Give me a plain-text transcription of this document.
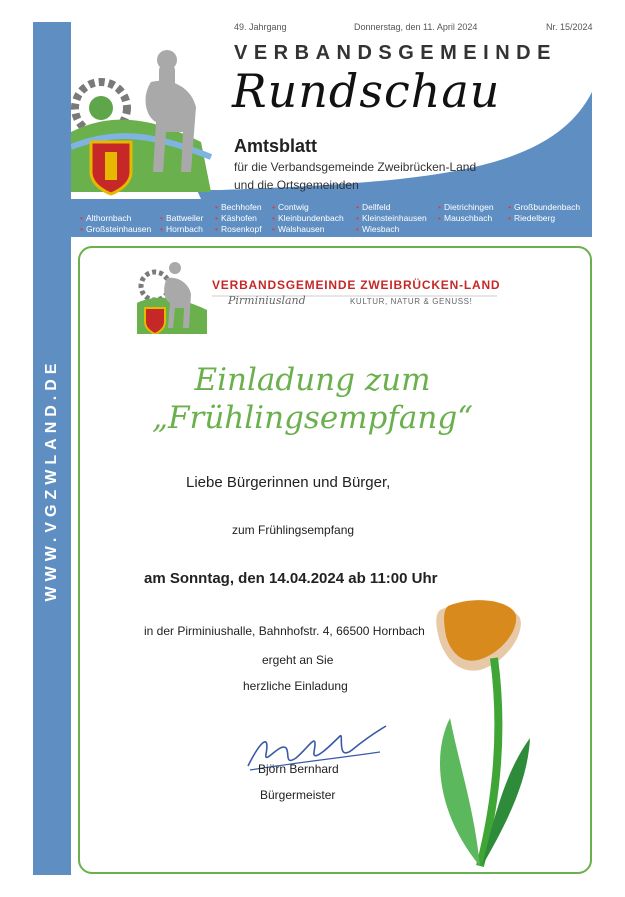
WWW.VGZWLAND.DE
49. Jahrgang	Donnerstag, den 11. April 2024	Nr. 15/2024
VERBANDSGEMEINDE
Rundschau
Amtsblatt
für die Verbandsgemeinde Zweibrücken-Land
und die Ortsgemeinden
• Althornbach
• Großsteinhausen
• Battweiler
• Hornbach
• Bechhofen
• Käshofen
• Rosenkopf
• Contwig
• Kleinbundenbach
• Walshausen
• Dellfeld
• Kleinsteinhausen
• Wiesbach
• Dietrichingen
• Mauschbach
• Großbundenbach
• Riedelberg
VERBANDSGEMEINDE ZWEIBRÜCKEN-LAND
Pirminiusland	KULTUR, NATUR & GENUSS!
Einladung zum
„Frühlingsempfang“
Liebe Bürgerinnen und Bürger,
zum Frühlingsempfang
am Sonntag, den 14.04.2024 ab 11:00 Uhr
in der Pirminiushalle, Bahnhofstr. 4, 66500 Hornbach
ergeht an Sie
herzliche Einladung
Björn Bernhard
Bürgermeister
